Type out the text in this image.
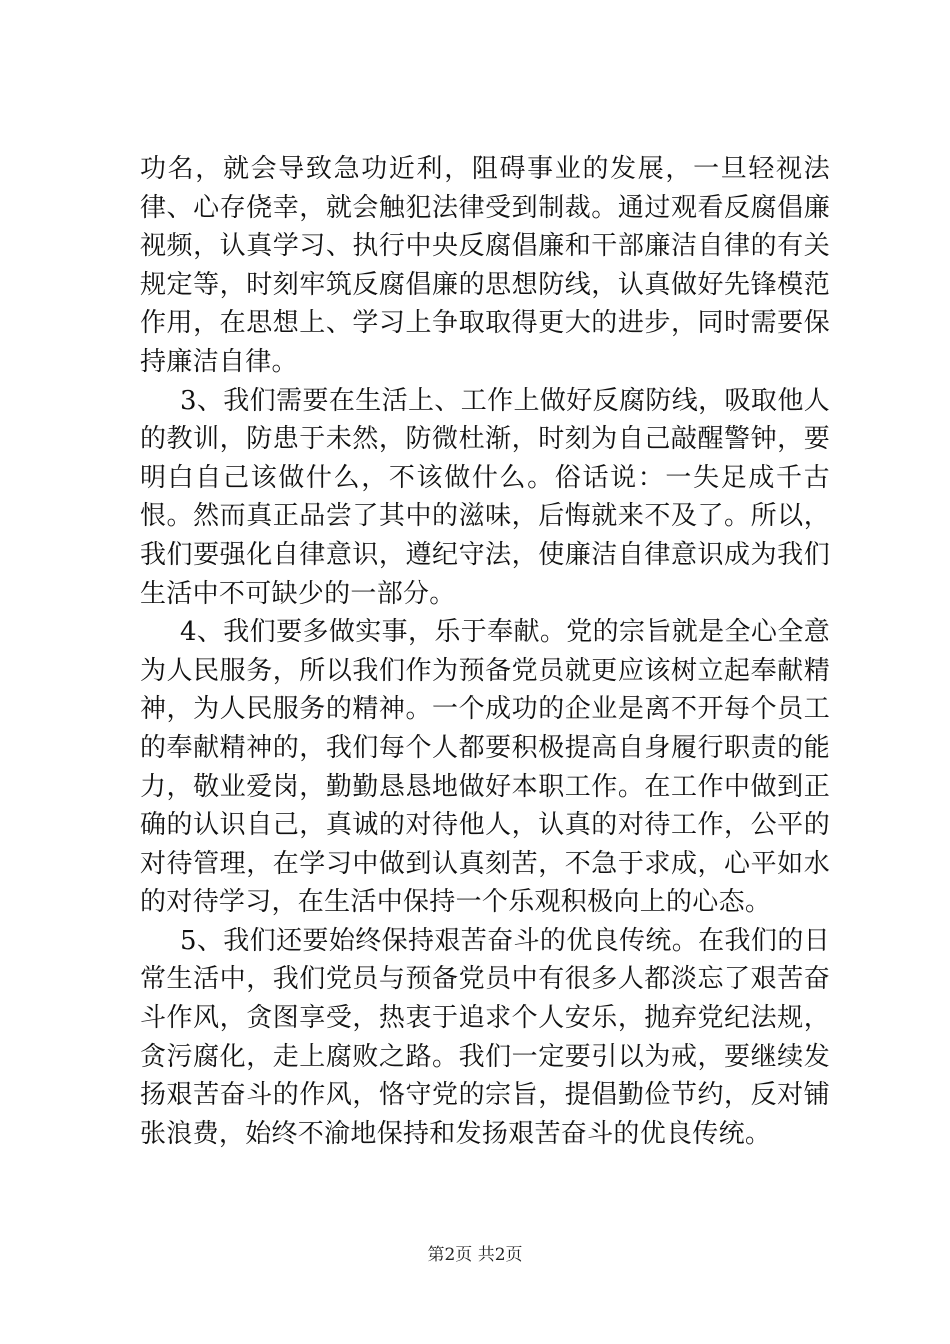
功名，就会导致急功近利，阻碍事业的发展，一旦轻视法律、心存侥幸，就会触犯法律受到制裁。通过观看反腐倡廉视频，认真学习、执行中央反腐倡廉和干部廉洁自律的有关规定等，时刻牢筑反腐倡廉的思想防线，认真做好先锋模范作用，在思想上、学习上争取取得更大的进步，同时需要保持廉洁自律。

3、我们需要在生活上、工作上做好反腐防线，吸取他人的教训，防患于未然，防微杜渐，时刻为自己敲醒警钟，要明白自己该做什么，不该做什么。俗话说：一失足成千古恨。然而真正品尝了其中的滋味，后悔就来不及了。所以，我们要强化自律意识，遵纪守法，使廉洁自律意识成为我们生活中不可缺少的一部分。

4、我们要多做实事，乐于奉献。党的宗旨就是全心全意为人民服务，所以我们作为预备党员就更应该树立起奉献精神，为人民服务的精神。一个成功的企业是离不开每个员工的奉献精神的，我们每个人都要积极提高自身履行职责的能力，敬业爱岗，勤勤恳恳地做好本职工作。在工作中做到正确的认识自己，真诚的对待他人，认真的对待工作，公平的对待管理，在学习中做到认真刻苦，不急于求成，心平如水的对待学习，在生活中保持一个乐观积极向上的心态。

5、我们还要始终保持艰苦奋斗的优良传统。在我们的日常生活中，我们党员与预备党员中有很多人都淡忘了艰苦奋斗作风，贪图享受，热衷于追求个人安乐，抛弃党纪法规，贪污腐化，走上腐败之路。我们一定要引以为戒，要继续发扬艰苦奋斗的作风，恪守党的宗旨，提倡勤俭节约，反对铺张浪费，始终不渝地保持和发扬艰苦奋斗的优良传统。

第2页 共2页
